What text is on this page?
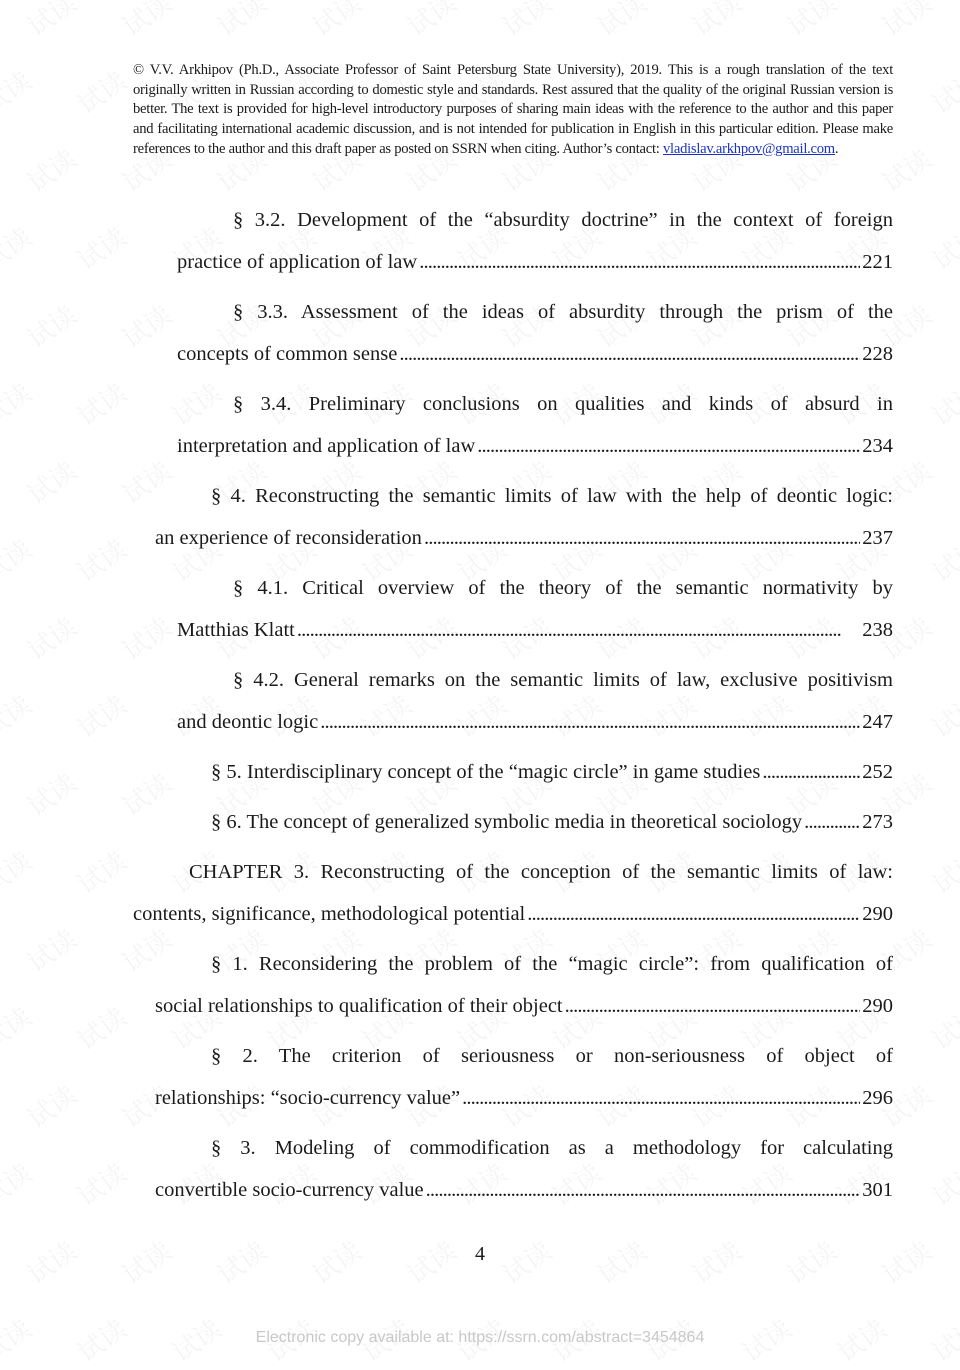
© V.V. Arkhipov (Ph.D., Associate Professor of Saint Petersburg State University), 2019. This is a rough translation of the text originally written in Russian according to domestic style and standards. Rest assured that the quality of the original Russian version is better. The text is provided for high-level introductory purposes of sharing main ideas with the reference to the author and this paper and facilitating international academic discussion, and is not intended for publication in English in this particular edition. Please make references to the author and this draft paper as posted on SSRN when citing. Author’s contact: vladislav.arkhpov@gmail.com.
§ 3.2. Development of the “absurdity doctrine” in the context of foreign
practice of application of law . . .	221
§ 3.3. Assessment of the ideas of absurdity through the prism of the
concepts of common sense . . .	228
§ 3.4. Preliminary conclusions on qualities and kinds of absurd in
interpretation and application of law . . .	234
§ 4. Reconstructing the semantic limits of law with the help of deontic logic:
an experience of reconsideration . . .	237
§ 4.1. Critical overview of the theory of the semantic normativity by
Matthias Klatt . . .	238
§ 4.2. General remarks on the semantic limits of law, exclusive positivism
and deontic logic . . .	247
§ 5. Interdisciplinary concept of the “magic circle” in game studies . . .	252
§ 6. The concept of generalized symbolic media in theoretical sociology . . .	273
CHAPTER 3. Reconstructing of the conception of the semantic limits of law:
contents, significance, methodological potential . . .	290
§ 1. Reconsidering the problem of the “magic circle”: from qualification of
social relationships to qualification of their object . . .	290
§ 2. The criterion of seriousness or non-seriousness of object of
relationships: “socio-currency value” . . .	296
§ 3. Modeling of commodification as a methodology for calculating
convertible socio-currency value . . .	301
4
Electronic copy available at: https://ssrn.com/abstract=3454864
